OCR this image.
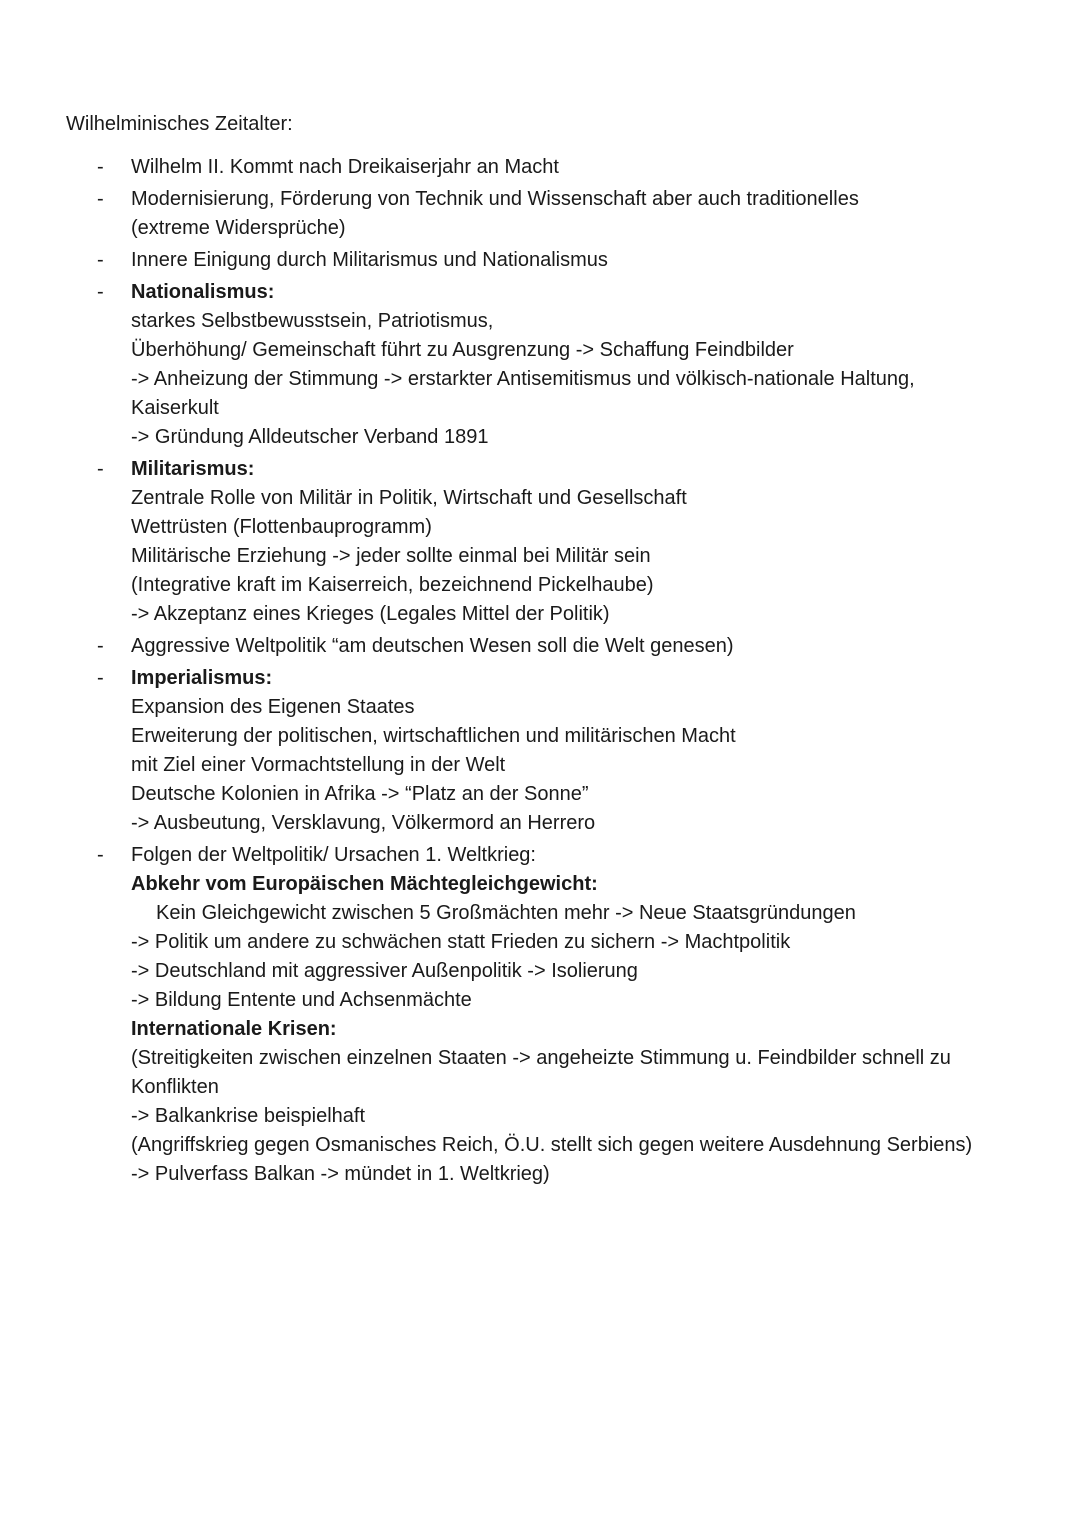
Wilhelminisches Zeitalter:
- Wilhelm II. Kommt nach Dreikaiserjahr an Macht
- Modernisierung, Förderung von Technik und Wissenschaft aber auch traditionelles
(extreme Widersprüche)
- Innere Einigung durch Militarismus und Nationalismus
- Nationalismus:
starkes Selbstbewusstsein, Patriotismus,
Überhöhung/ Gemeinschaft führt zu Ausgrenzung -> Schaffung Feindbilder
-> Anheizung der Stimmung -> erstarkter Antisemitismus und völkisch-nationale Haltung,
Kaiserkult
-> Gründung Alldeutscher Verband 1891
- Militarismus:
Zentrale Rolle von Militär in Politik, Wirtschaft und Gesellschaft
Wettrüsten (Flottenbauprogramm)
Militärische Erziehung -> jeder sollte einmal bei Militär sein
(Integrative kraft im Kaiserreich, bezeichnend Pickelhaube)
-> Akzeptanz eines Krieges (Legales Mittel der Politik)
- Aggressive Weltpolitik “am deutschen Wesen soll die Welt genesen)
- Imperialismus:
Expansion des Eigenen Staates
Erweiterung der politischen, wirtschaftlichen und militärischen Macht
mit Ziel einer Vormachtstellung in der Welt
Deutsche Kolonien in Afrika -> “Platz an der Sonne”
-> Ausbeutung, Versklavung, Völkermord an Herrero
- Folgen der Weltpolitik/ Ursachen 1. Weltkrieg:
Abkehr vom Europäischen Mächtegleichgewicht:
Kein Gleichgewicht zwischen 5 Großmächten mehr -> Neue Staatsgründungen
-> Politik um andere zu schwächen statt Frieden zu sichern -> Machtpolitik
-> Deutschland mit aggressiver Außenpolitik -> Isolierung
-> Bildung Entente und Achsenmächte
Internationale Krisen:
(Streitigkeiten zwischen einzelnen Staaten -> angeheizte Stimmung u. Feindbilder schnell zu
Konflikten
-> Balkankrise beispielhaft
(Angriffskrieg gegen Osmanisches Reich, Ö.U. stellt sich gegen weitere Ausdehnung Serbiens)
-> Pulverfass Balkan -> mündet in 1. Weltkrieg)
